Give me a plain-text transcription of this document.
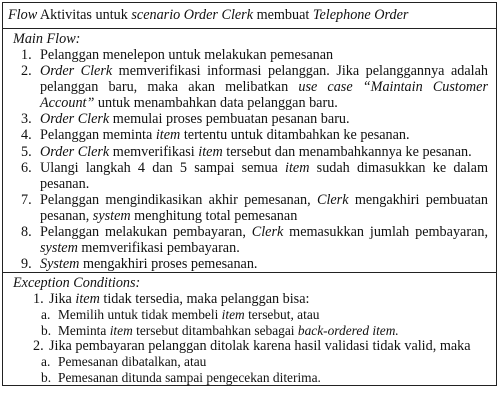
Flow Aktivitas untuk scenario Order Clerk membuat Telephone Order
Main Flow:
1. Pelanggan menelepon untuk melakukan pemesanan
2. Order Clerk memverifikasi informasi pelanggan. Jika pelanggannya adalah pelanggan baru, maka akan melibatkan use case “Maintain Customer Account” untuk menambahkan data pelanggan baru.
3. Order Clerk memulai proses pembuatan pesanan baru.
4. Pelanggan meminta item tertentu untuk ditambahkan ke pesanan.
5. Order Clerk memverifikasi item tersebut dan menambahkannya ke pesanan.
6. Ulangi langkah 4 dan 5 sampai semua item sudah dimasukkan ke dalam pesanan.
7. Pelanggan mengindikasikan akhir pemesanan, Clerk mengakhiri pembuatan pesanan, system menghitung total pemesanan
8. Pelanggan melakukan pembayaran, Clerk memasukkan jumlah pembayaran, system memverifikasi pembayaran.
9. System mengakhiri proses pemesanan.
Exception Conditions:
1. Jika item tidak tersedia, maka pelanggan bisa:
a. Memilih untuk tidak membeli item tersebut, atau
b. Meminta item tersebut ditambahkan sebagai back-ordered item.
2. Jika pembayaran pelanggan ditolak karena hasil validasi tidak valid, maka
a. Pemesanan dibatalkan, atau
b. Pemesanan ditunda sampai pengecekan diterima.
